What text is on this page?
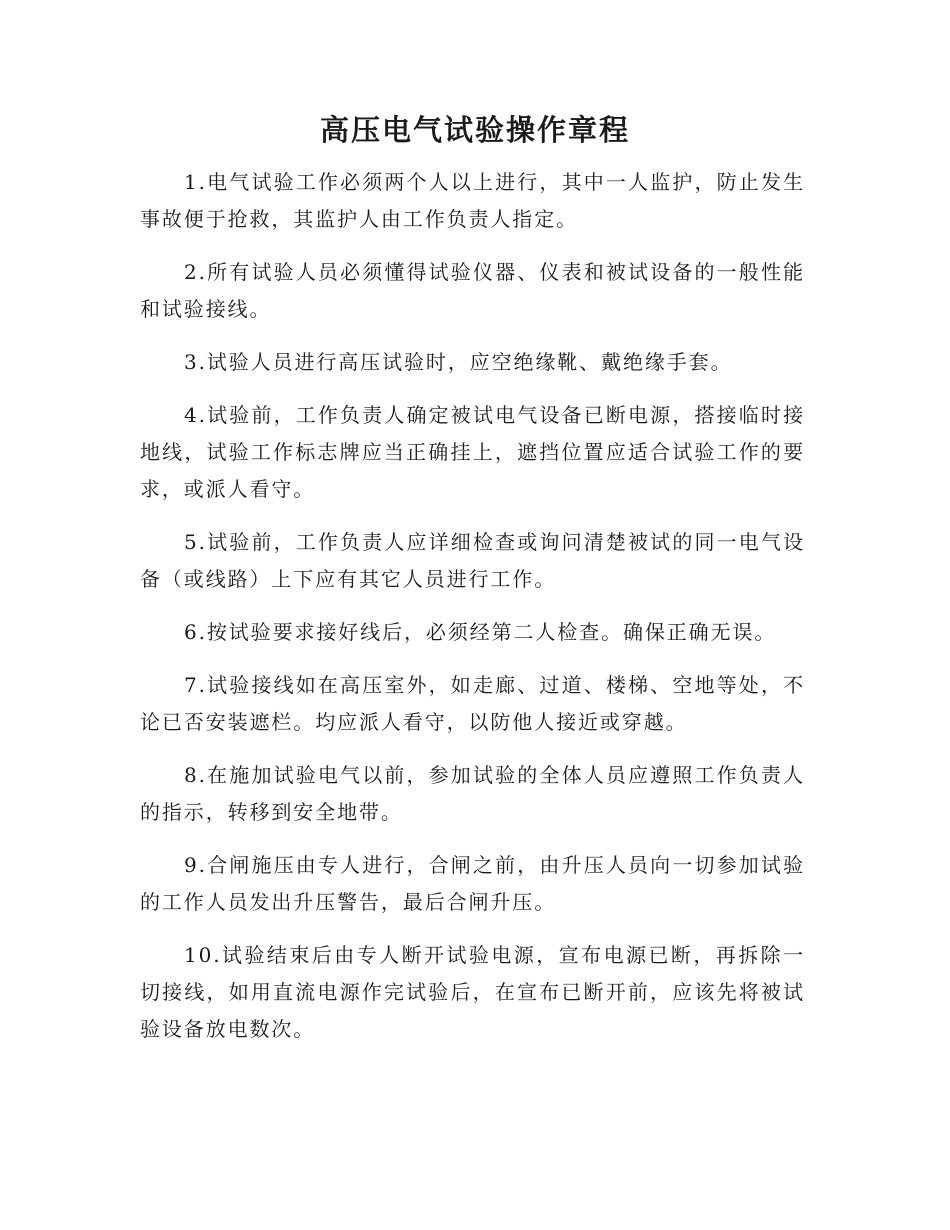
高压电气试验操作章程

1.电气试验工作必须两个人以上进行，其中一人监护，防止发生事故便于抢救，其监护人由工作负责人指定。

2.所有试验人员必须懂得试验仪器、仪表和被试设备的一般性能和试验接线。

3.试验人员进行高压试验时，应空绝缘靴、戴绝缘手套。

4.试验前，工作负责人确定被试电气设备已断电源，搭接临时接地线，试验工作标志牌应当正确挂上，遮挡位置应适合试验工作的要求，或派人看守。

5.试验前，工作负责人应详细检查或询问清楚被试的同一电气设备（或线路）上下应有其它人员进行工作。

6.按试验要求接好线后，必须经第二人检查。确保正确无误。

7.试验接线如在高压室外，如走廊、过道、楼梯、空地等处，不论已否安装遮栏。均应派人看守，以防他人接近或穿越。

8.在施加试验电气以前，参加试验的全体人员应遵照工作负责人的指示，转移到安全地带。

9.合闸施压由专人进行，合闸之前，由升压人员向一切参加试验的工作人员发出升压警告，最后合闸升压。

10.试验结束后由专人断开试验电源，宣布电源已断，再拆除一切接线，如用直流电源作完试验后，在宣布已断开前，应该先将被试验设备放电数次。
